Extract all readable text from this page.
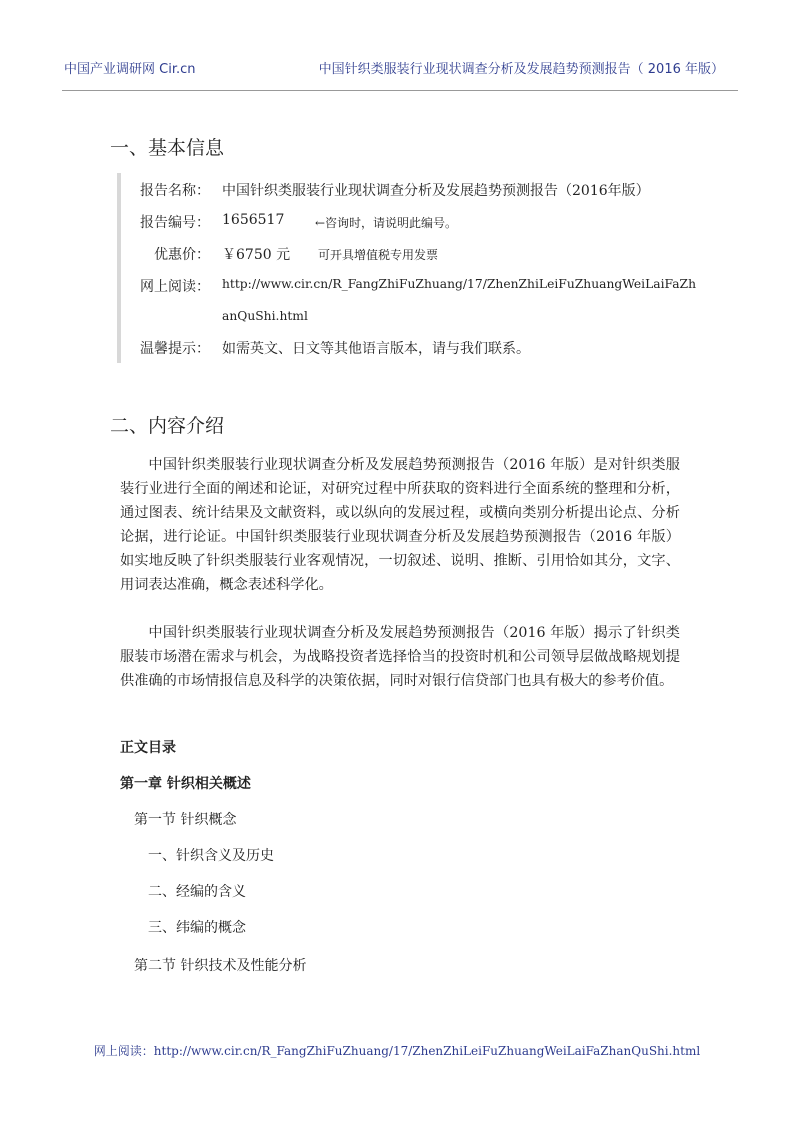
中国产业调研网 Cir.cn	中国针织类服装行业现状调查分析及发展趋势预测报告（ 2016 年版）
一、基本信息
报告名称： 中国针织类服装行业现状调查分析及发展趋势预测报告（2016年版）
报告编号： 1656517	←咨询时，请说明此编号。
优惠价： ￥6750 元 可开具增值税专用发票
网上阅读： http://www.cir.cn/R_FangZhiFuZhuang/17/ZhenZhiLeiFuZhuangWeiLaiFaZh
anQuShi.html
温馨提示： 如需英文、日文等其他语言版本，请与我们联系。
二、内容介绍
中国针织类服装行业现状调查分析及发展趋势预测报告（2016 年版）是对针织类服装行业进行全面的阐述和论证，对研究过程中所获取的资料进行全面系统的整理和分析，通过图表、统计结果及文献资料，或以纵向的发展过程，或横向类别分析提出论点、分析论据，进行论证。中国针织类服装行业现状调查分析及发展趋势预测报告（2016 年版）如实地反映了针织类服装行业客观情况，一切叙述、说明、推断、引用恰如其分，文字、用词表达准确，概念表述科学化。
中国针织类服装行业现状调查分析及发展趋势预测报告（2016 年版）揭示了针织类服装市场潜在需求与机会，为战略投资者选择恰当的投资时机和公司领导层做战略规划提供准确的市场情报信息及科学的决策依据，同时对银行信贷部门也具有极大的参考价值。
正文目录
第一章 针织相关概述
第一节 针织概念
一、针织含义及历史
二、经编的含义
三、纬编的概念
第二节 针织技术及性能分析
网上阅读：http://www.cir.cn/R_FangZhiFuZhuang/17/ZhenZhiLeiFuZhuangWeiLaiFaZhanQuShi.html
